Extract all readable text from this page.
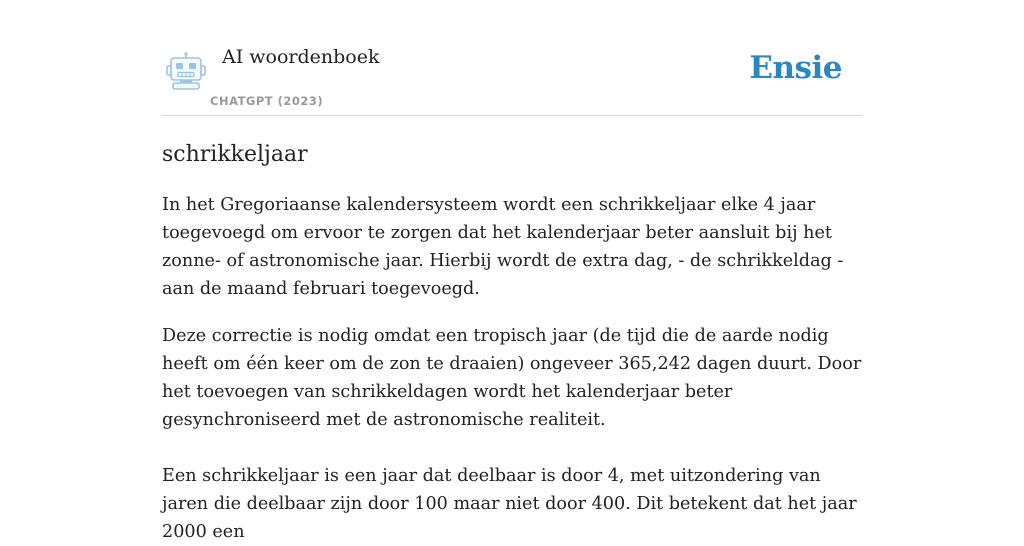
AI woordenboek
CHATGPT (2023)
Ensie
schrikkeljaar

In het Gregoriaanse kalendersysteem wordt een schrikkeljaar elke 4 jaar toegevoegd om ervoor te zorgen dat het kalenderjaar beter aansluit bij het zonne- of astronomische jaar. Hierbij wordt de extra dag, - de schrikkeldag - aan de maand februari toegevoegd.

Deze correctie is nodig omdat een tropisch jaar (de tijd die de aarde nodig heeft om één keer om de zon te draaien) ongeveer 365,242 dagen duurt. Door het toevoegen van schrikkeldagen wordt het kalenderjaar beter gesynchroniseerd met de astronomische realiteit.

Een schrikkeljaar is een jaar dat deelbaar is door 4, met uitzondering van jaren die deelbaar zijn door 100 maar niet door 400. Dit betekent dat het jaar 2000 een
